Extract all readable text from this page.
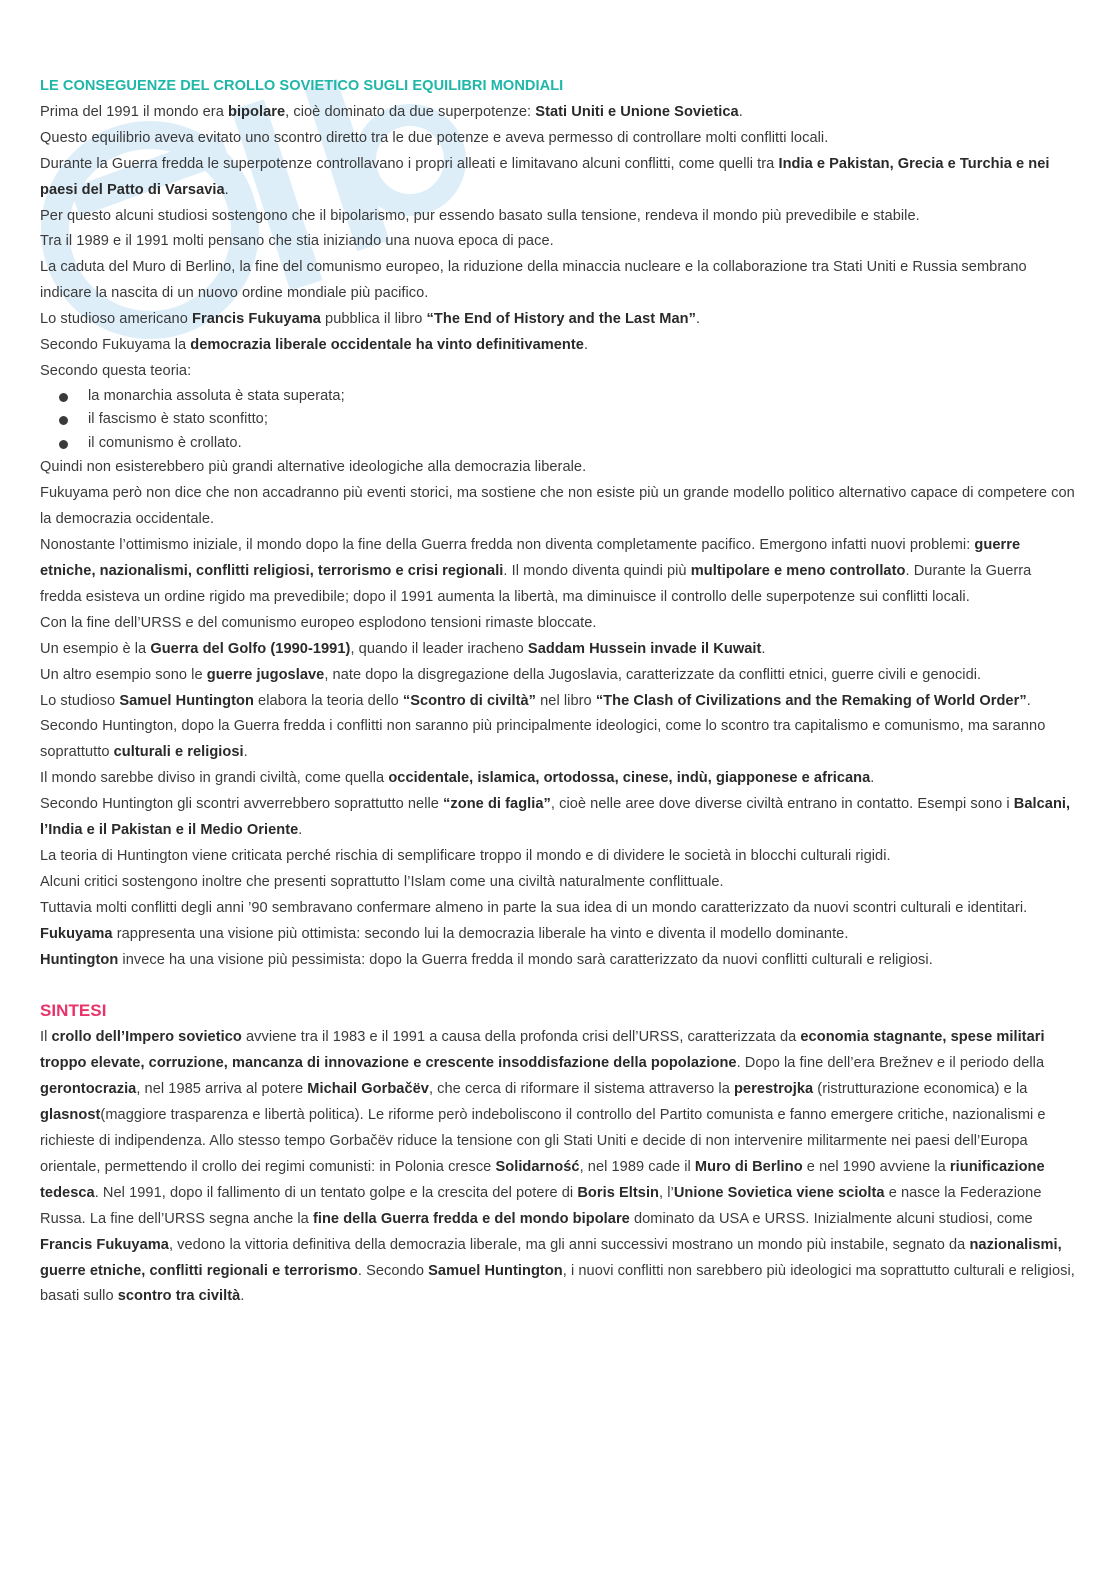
LE CONSEGUENZE DEL CROLLO SOVIETICO SUGLI EQUILIBRI MONDIALI

Prima del 1991 il mondo era bipolare, cioè dominato da due superpotenze: Stati Uniti e Unione Sovietica.

Questo equilibrio aveva evitato uno scontro diretto tra le due potenze e aveva permesso di controllare molti conflitti locali.

Durante la Guerra fredda le superpotenze controllavano i propri alleati e limitavano alcuni conflitti, come quelli tra India e Pakistan, Grecia e Turchia e nei paesi del Patto di Varsavia.

Per questo alcuni studiosi sostengono che il bipolarismo, pur essendo basato sulla tensione, rendeva il mondo più prevedibile e stabile.

Tra il 1989 e il 1991 molti pensano che stia iniziando una nuova epoca di pace.

La caduta del Muro di Berlino, la fine del comunismo europeo, la riduzione della minaccia nucleare e la collaborazione tra Stati Uniti e Russia sembrano indicare la nascita di un nuovo ordine mondiale più pacifico.

Lo studioso americano Francis Fukuyama pubblica il libro “The End of History and the Last Man”.

Secondo Fukuyama la democrazia liberale occidentale ha vinto definitivamente.

Secondo questa teoria:

la monarchia assoluta è stata superata;
il fascismo è stato sconfitto;
il comunismo è crollato.

Quindi non esisterebbero più grandi alternative ideologiche alla democrazia liberale.

Fukuyama però non dice che non accadranno più eventi storici, ma sostiene che non esiste più un grande modello politico alternativo capace di competere con la democrazia occidentale.

Nonostante l’ottimismo iniziale, il mondo dopo la fine della Guerra fredda non diventa completamente pacifico. Emergono infatti nuovi problemi: guerre etniche, nazionalismi, conflitti religiosi, terrorismo e crisi regionali. Il mondo diventa quindi più multipolare e meno controllato. Durante la Guerra fredda esisteva un ordine rigido ma prevedibile; dopo il 1991 aumenta la libertà, ma diminuisce il controllo delle superpotenze sui conflitti locali.

Con la fine dell’URSS e del comunismo europeo esplodono tensioni rimaste bloccate.

Un esempio è la Guerra del Golfo (1990-1991), quando il leader iracheno Saddam Hussein invade il Kuwait.

Un altro esempio sono le guerre jugoslave, nate dopo la disgregazione della Jugoslavia, caratterizzate da conflitti etnici, guerre civili e genocidi.

Lo studioso Samuel Huntington elabora la teoria dello “Scontro di civiltà” nel libro “The Clash of Civilizations and the Remaking of World Order”.

Secondo Huntington, dopo la Guerra fredda i conflitti non saranno più principalmente ideologici, come lo scontro tra capitalismo e comunismo, ma saranno soprattutto culturali e religiosi.

Il mondo sarebbe diviso in grandi civiltà, come quella occidentale, islamica, ortodossa, cinese, indù, giapponese e africana.

Secondo Huntington gli scontri avverrebbero soprattutto nelle “zone di faglia”, cioè nelle aree dove diverse civiltà entrano in contatto. Esempi sono i Balcani, l’India e il Pakistan e il Medio Oriente.

La teoria di Huntington viene criticata perché rischia di semplificare troppo il mondo e di dividere le società in blocchi culturali rigidi.

Alcuni critici sostengono inoltre che presenti soprattutto l’Islam come una civiltà naturalmente conflittuale.

Tuttavia molti conflitti degli anni ’90 sembravano confermare almeno in parte la sua idea di un mondo caratterizzato da nuovi scontri culturali e identitari.

Fukuyama rappresenta una visione più ottimista: secondo lui la democrazia liberale ha vinto e diventa il modello dominante.

Huntington invece ha una visione più pessimista: dopo la Guerra fredda il mondo sarà caratterizzato da nuovi conflitti culturali e religiosi.

SINTESI

Il crollo dell’Impero sovietico avviene tra il 1983 e il 1991 a causa della profonda crisi dell’URSS, caratterizzata da economia stagnante, spese militari troppo elevate, corruzione, mancanza di innovazione e crescente insoddisfazione della popolazione. Dopo la fine dell’era Brežnev e il periodo della gerontocrazia, nel 1985 arriva al potere Michail Gorbačëv, che cerca di riformare il sistema attraverso la perestrojka (ristrutturazione economica) e la glasnost(maggiore trasparenza e libertà politica). Le riforme però indeboliscono il controllo del Partito comunista e fanno emergere critiche, nazionalismi e richieste di indipendenza. Allo stesso tempo Gorbačëv riduce la tensione con gli Stati Uniti e decide di non intervenire militarmente nei paesi dell’Europa orientale, permettendo il crollo dei regimi comunisti: in Polonia cresce Solidarność, nel 1989 cade il Muro di Berlino e nel 1990 avviene la riunificazione tedesca. Nel 1991, dopo il fallimento di un tentato golpe e la crescita del potere di Boris Eltsin, l’Unione Sovietica viene sciolta e nasce la Federazione Russa. La fine dell’URSS segna anche la fine della Guerra fredda e del mondo bipolare dominato da USA e URSS. Inizialmente alcuni studiosi, come Francis Fukuyama, vedono la vittoria definitiva della democrazia liberale, ma gli anni successivi mostrano un mondo più instabile, segnato da nazionalismi, guerre etniche, conflitti regionali e terrorismo. Secondo Samuel Huntington, i nuovi conflitti non sarebbero più ideologici ma soprattutto culturali e religiosi, basati sullo scontro tra civiltà.
